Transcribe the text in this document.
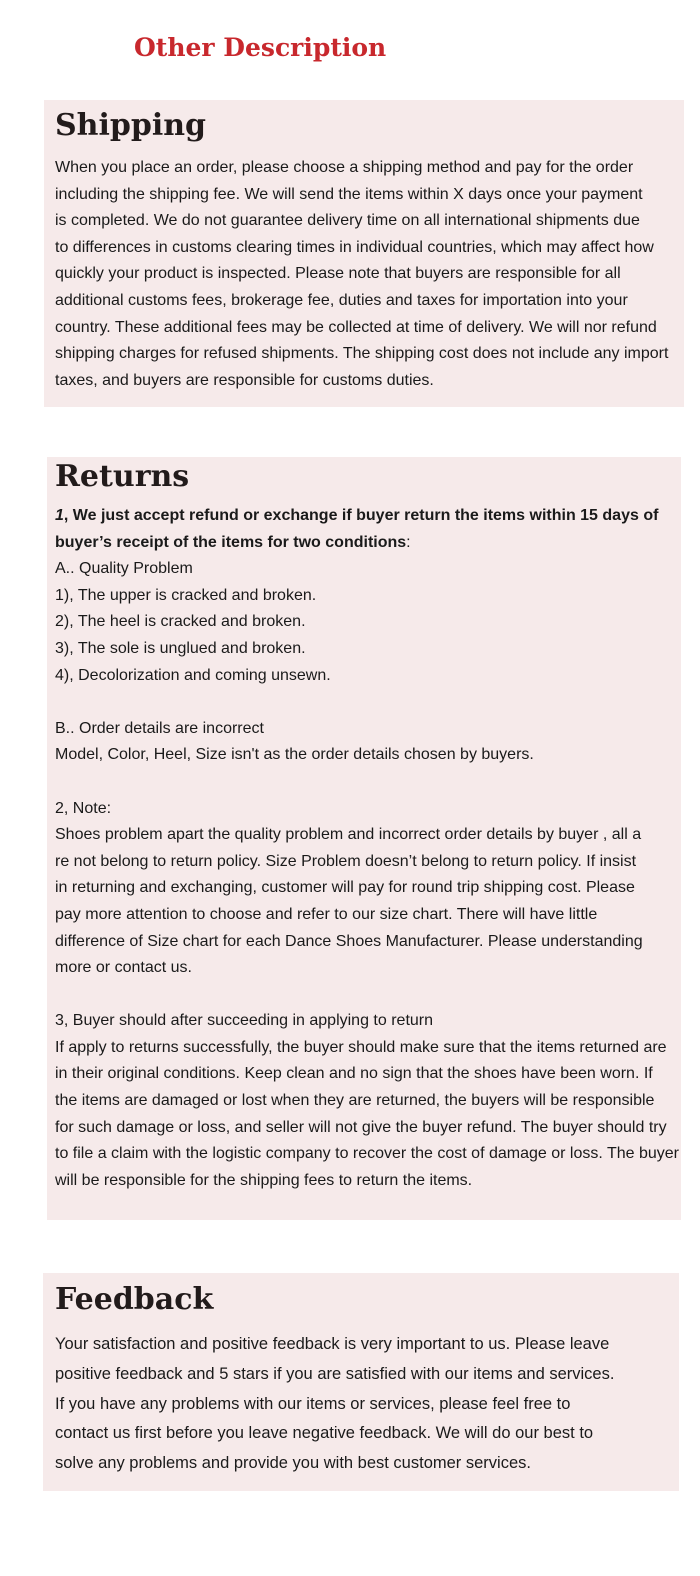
Other Description
Shipping

When you place an order, please choose a shipping method and pay for the order
including the shipping fee. We will send the items within X days once your payment
is completed. We do not guarantee delivery time on all international shipments due
to differences in customs clearing times in individual countries, which may affect how
quickly your product is inspected. Please note that buyers are responsible for all
additional customs fees, brokerage fee, duties and taxes for importation into your
country. These additional fees may be collected at time of delivery. We will nor refund
shipping charges for refused shipments. The shipping cost does not include any import
taxes, and buyers are responsible for customs duties.

Returns

1, We just accept refund or exchange if buyer return the items within 15 days of
buyer’s receipt of the items for two conditions:
A.. Quality Problem
1), The upper is cracked and broken.
2), The heel is cracked and broken.
3), The sole is unglued and broken.
4), Decolorization and coming unsewn.
B.. Order details are incorrect
Model, Color, Heel, Size isn't as the order details chosen by buyers.
2, Note:
Shoes problem apart the quality problem and incorrect order details by buyer , all a
re not belong to return policy. Size Problem doesn’t belong to return policy. If insist
in returning and exchanging, customer will pay for round trip shipping cost. Please
pay more attention to choose and refer to our size chart. There will have little
difference of Size chart for each Dance Shoes Manufacturer. Please understanding
more or contact us.
3, Buyer should after succeeding in applying to return
If apply to returns successfully, the buyer should make sure that the items returned are
in their original conditions. Keep clean and no sign that the shoes have been worn. If
the items are damaged or lost when they are returned, the buyers will be responsible
for such damage or loss, and seller will not give the buyer refund. The buyer should try
to file a claim with the logistic company to recover the cost of damage or loss. The buyer
will be responsible for the shipping fees to return the items.

Feedback

Your satisfaction and positive feedback is very important to us. Please leave
positive feedback and 5 stars if you are satisfied with our items and services.
If you have any problems with our items or services, please feel free to
contact us first before you leave negative feedback. We will do our best to
solve any problems and provide you with best customer services.
